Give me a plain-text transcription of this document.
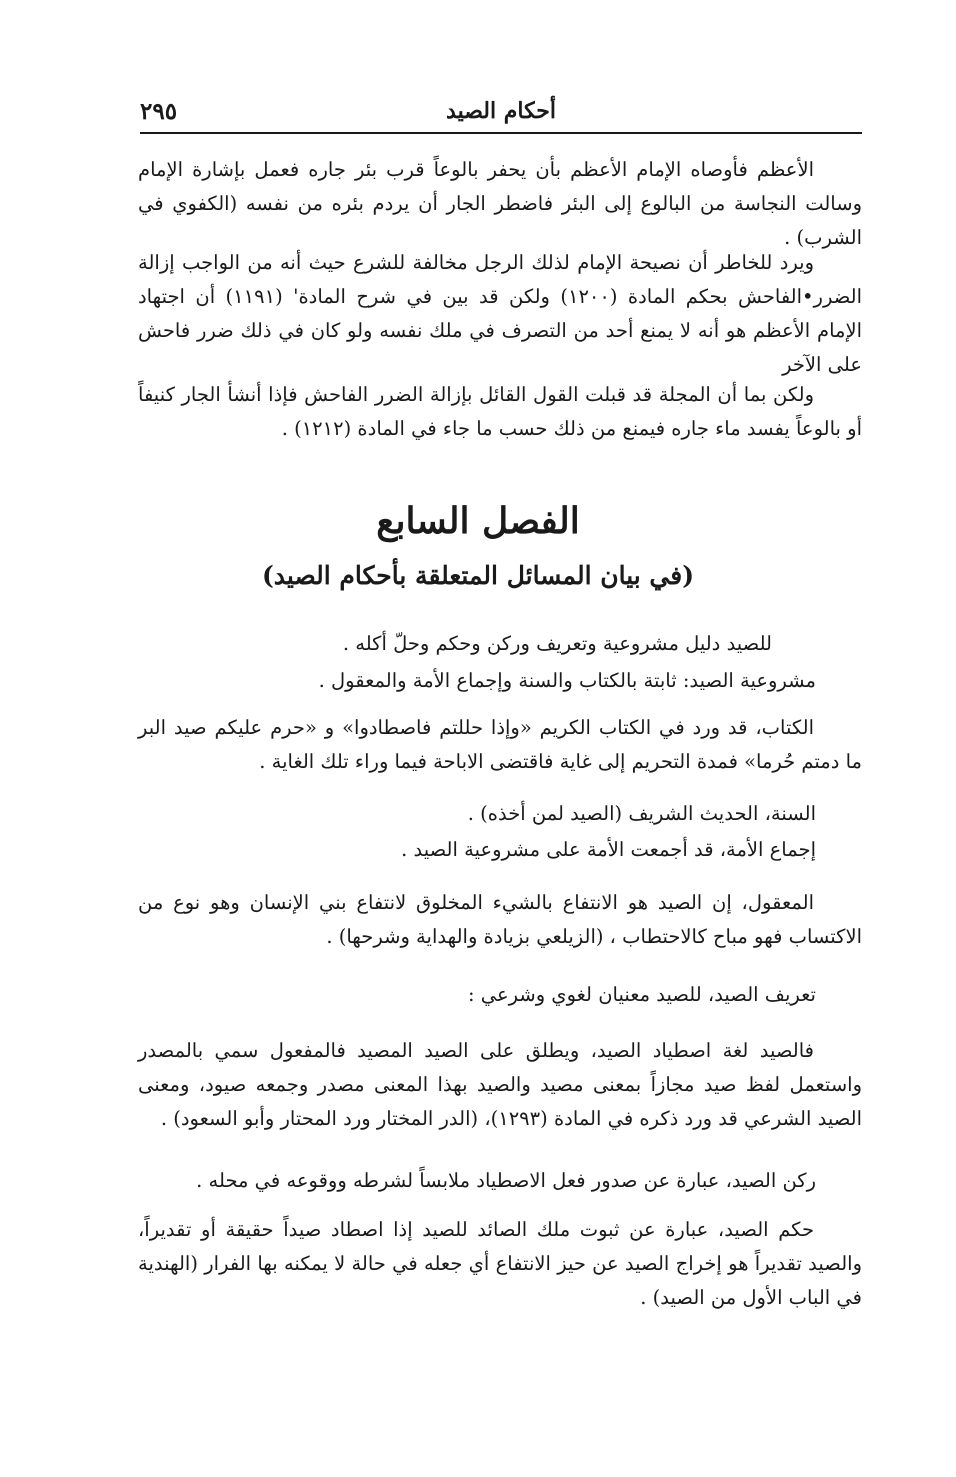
٢٩٥	أحكام الصيد

الأعظم فأوصاه الإمام الأعظم بأن يحفر بالوعاً قرب بئر جاره فعمل بإشارة الإمام وسالت النجاسة من البالوع إلى البئر فاضطر الجار أن يردم بئره من نفسه (الكفوي في الشرب) .

ويرد للخاطر أن نصيحة الإمام لذلك الرجل مخالفة للشرع حيث أنه من الواجب إزالة الضرر•الفاحش بحكم المادة (١٢٠٠) ولكن قد بين في شرح المادة' (١١٩١) أن اجتهاد الإمام الأعظم هو أنه لا يمنع أحد من التصرف في ملك نفسه ولو كان في ذلك ضرر فاحش على الآخر

ولكن بما أن المجلة قد قبلت القول القائل بإزالة الضرر الفاحش فإذا أنشأ الجار كنيفاً أو بالوعاً يفسد ماء جاره فيمنع من ذلك حسب ما جاء في المادة (١٢١٢) .

الفصل السابع
(في بيان المسائل المتعلقة بأحكام الصيد)

للصيد دليل مشروعية وتعريف وركن وحكم وحلّ أكله .

مشروعية الصيد: ثابتة بالكتاب والسنة وإجماع الأمة والمعقول .

الكتاب، قد ورد في الكتاب الكريم «وإذا حللتم فاصطادوا» و «حرم عليكم صيد البر ما دمتم حُرما» فمدة التحريم إلى غاية فاقتضى الاباحة فيما وراء تلك الغاية .

السنة، الحديث الشريف (الصيد لمن أخذه) .

إجماع الأمة، قد أجمعت الأمة على مشروعية الصيد .

المعقول، إن الصيد هو الانتفاع بالشيء المخلوق لانتفاع بني الإنسان وهو نوع من الاكتساب فهو مباح كالاحتطاب ، (الزيلعي بزيادة والهداية وشرحها) .

تعريف الصيد، للصيد معنيان لغوي وشرعي :

فالصيد لغة اصطياد الصيد، ويطلق على الصيد المصيد فالمفعول سمي بالمصدر واستعمل لفظ صيد مجازاً بمعنى مصيد والصيد بهذا المعنى مصدر وجمعه صيود، ومعنى الصيد الشرعي قد ورد ذكره في المادة (١٢٩٣)، (الدر المختار ورد المحتار وأبو السعود) .

ركن الصيد، عبارة عن صدور فعل الاصطياد ملابساً لشرطه ووقوعه في محله .

حكم الصيد، عبارة عن ثبوت ملك الصائد للصيد إذا اصطاد صيداً حقيقة أو تقديراً، والصيد تقديراً هو إخراج الصيد عن حيز الانتفاع أي جعله في حالة لا يمكنه بها الفرار (الهندية في الباب الأول من الصيد) .
